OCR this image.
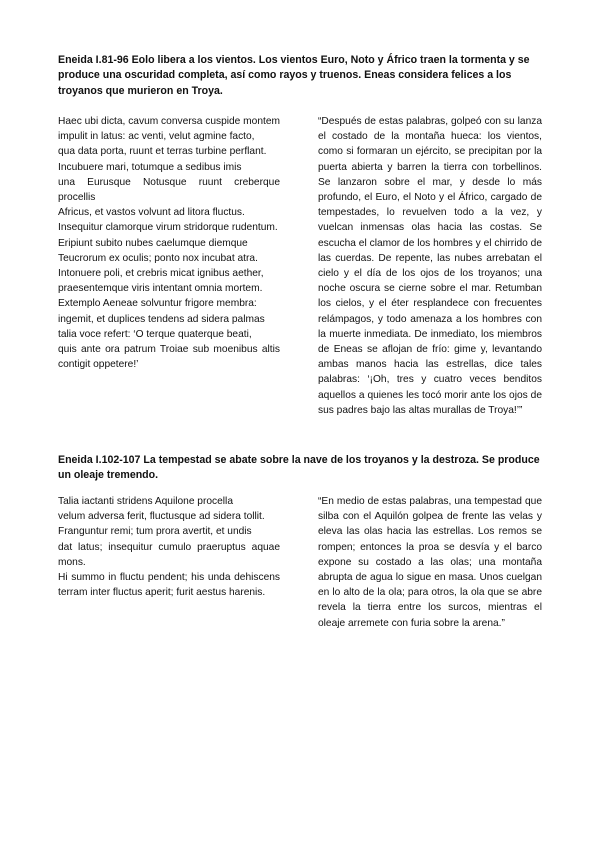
Eneida I.81-96 Eolo libera a los vientos. Los vientos Euro, Noto y Áfrico traen la tormenta y se produce una oscuridad completa, así como rayos y truenos. Eneas considera felices a los troyanos que murieron en Troya.

Haec ubi dicta, cavum conversa cuspide montem
impulit in latus: ac venti, velut agmine facto,
qua data porta, ruunt et terras turbine perflant.
Incubuere mari, totumque a sedibus imis
una Eurusque Notusque ruunt creberque procellis
Africus, et vastos volvunt ad litora fluctus.
Insequitur clamorque virum stridorque rudentum.
Eripiunt subito nubes caelumque diemque
Teucrorum ex oculis; ponto nox incubat atra.
Intonuere poli, et crebris micat ignibus aether,
praesentemque viris intentant omnia mortem.
Extemplo Aeneae solvuntur frigore membra:
ingemit, et duplices tendens ad sidera palmas
talia voce refert: ‘O terque quaterque beati,
quis ante ora patrum Troiae sub moenibus altis contigit oppetere!’

“Después de estas palabras, golpeó con su lanza el costado de la montaña hueca: los vientos, como si formaran un ejército, se precipitan por la puerta abierta y barren la tierra con torbellinos. Se lanzaron sobre el mar, y desde lo más profundo, el Euro, el Noto y el Áfrico, cargado de tempestades, lo revuelven todo a la vez, y vuelcan inmensas olas hacia las costas. Se escucha el clamor de los hombres y el chirrido de las cuerdas. De repente, las nubes arrebatan el cielo y el día de los ojos de los troyanos; una noche oscura se cierne sobre el mar. Retumban los cielos, y el éter resplandece con frecuentes relámpagos, y todo amenaza a los hombres con la muerte inmediata. De inmediato, los miembros de Eneas se aflojan de frío: gime y, levantando ambas manos hacia las estrellas, dice tales palabras: ‘¡Oh, tres y cuatro veces benditos aquellos a quienes les tocó morir ante los ojos de sus padres bajo las altas murallas de Troya!’”

Eneida I.102-107 La tempestad se abate sobre la nave de los troyanos y la destroza. Se produce un oleaje tremendo.

Talia iactanti stridens Aquilone procella
velum adversa ferit, fluctusque ad sidera tollit.
Franguntur remi; tum prora avertit, et undis
dat latus; insequitur cumulo praeruptus aquae mons.
Hi summo in fluctu pendent; his unda dehiscens terram inter fluctus aperit; furit aestus harenis.

“En medio de estas palabras, una tempestad que silba con el Aquilón golpea de frente las velas y eleva las olas hacia las estrellas. Los remos se rompen; entonces la proa se desvía y el barco expone su costado a las olas; una montaña abrupta de agua lo sigue en masa. Unos cuelgan en lo alto de la ola; para otros, la ola que se abre revela la tierra entre los surcos, mientras el oleaje arremete con furia sobre la arena.”
